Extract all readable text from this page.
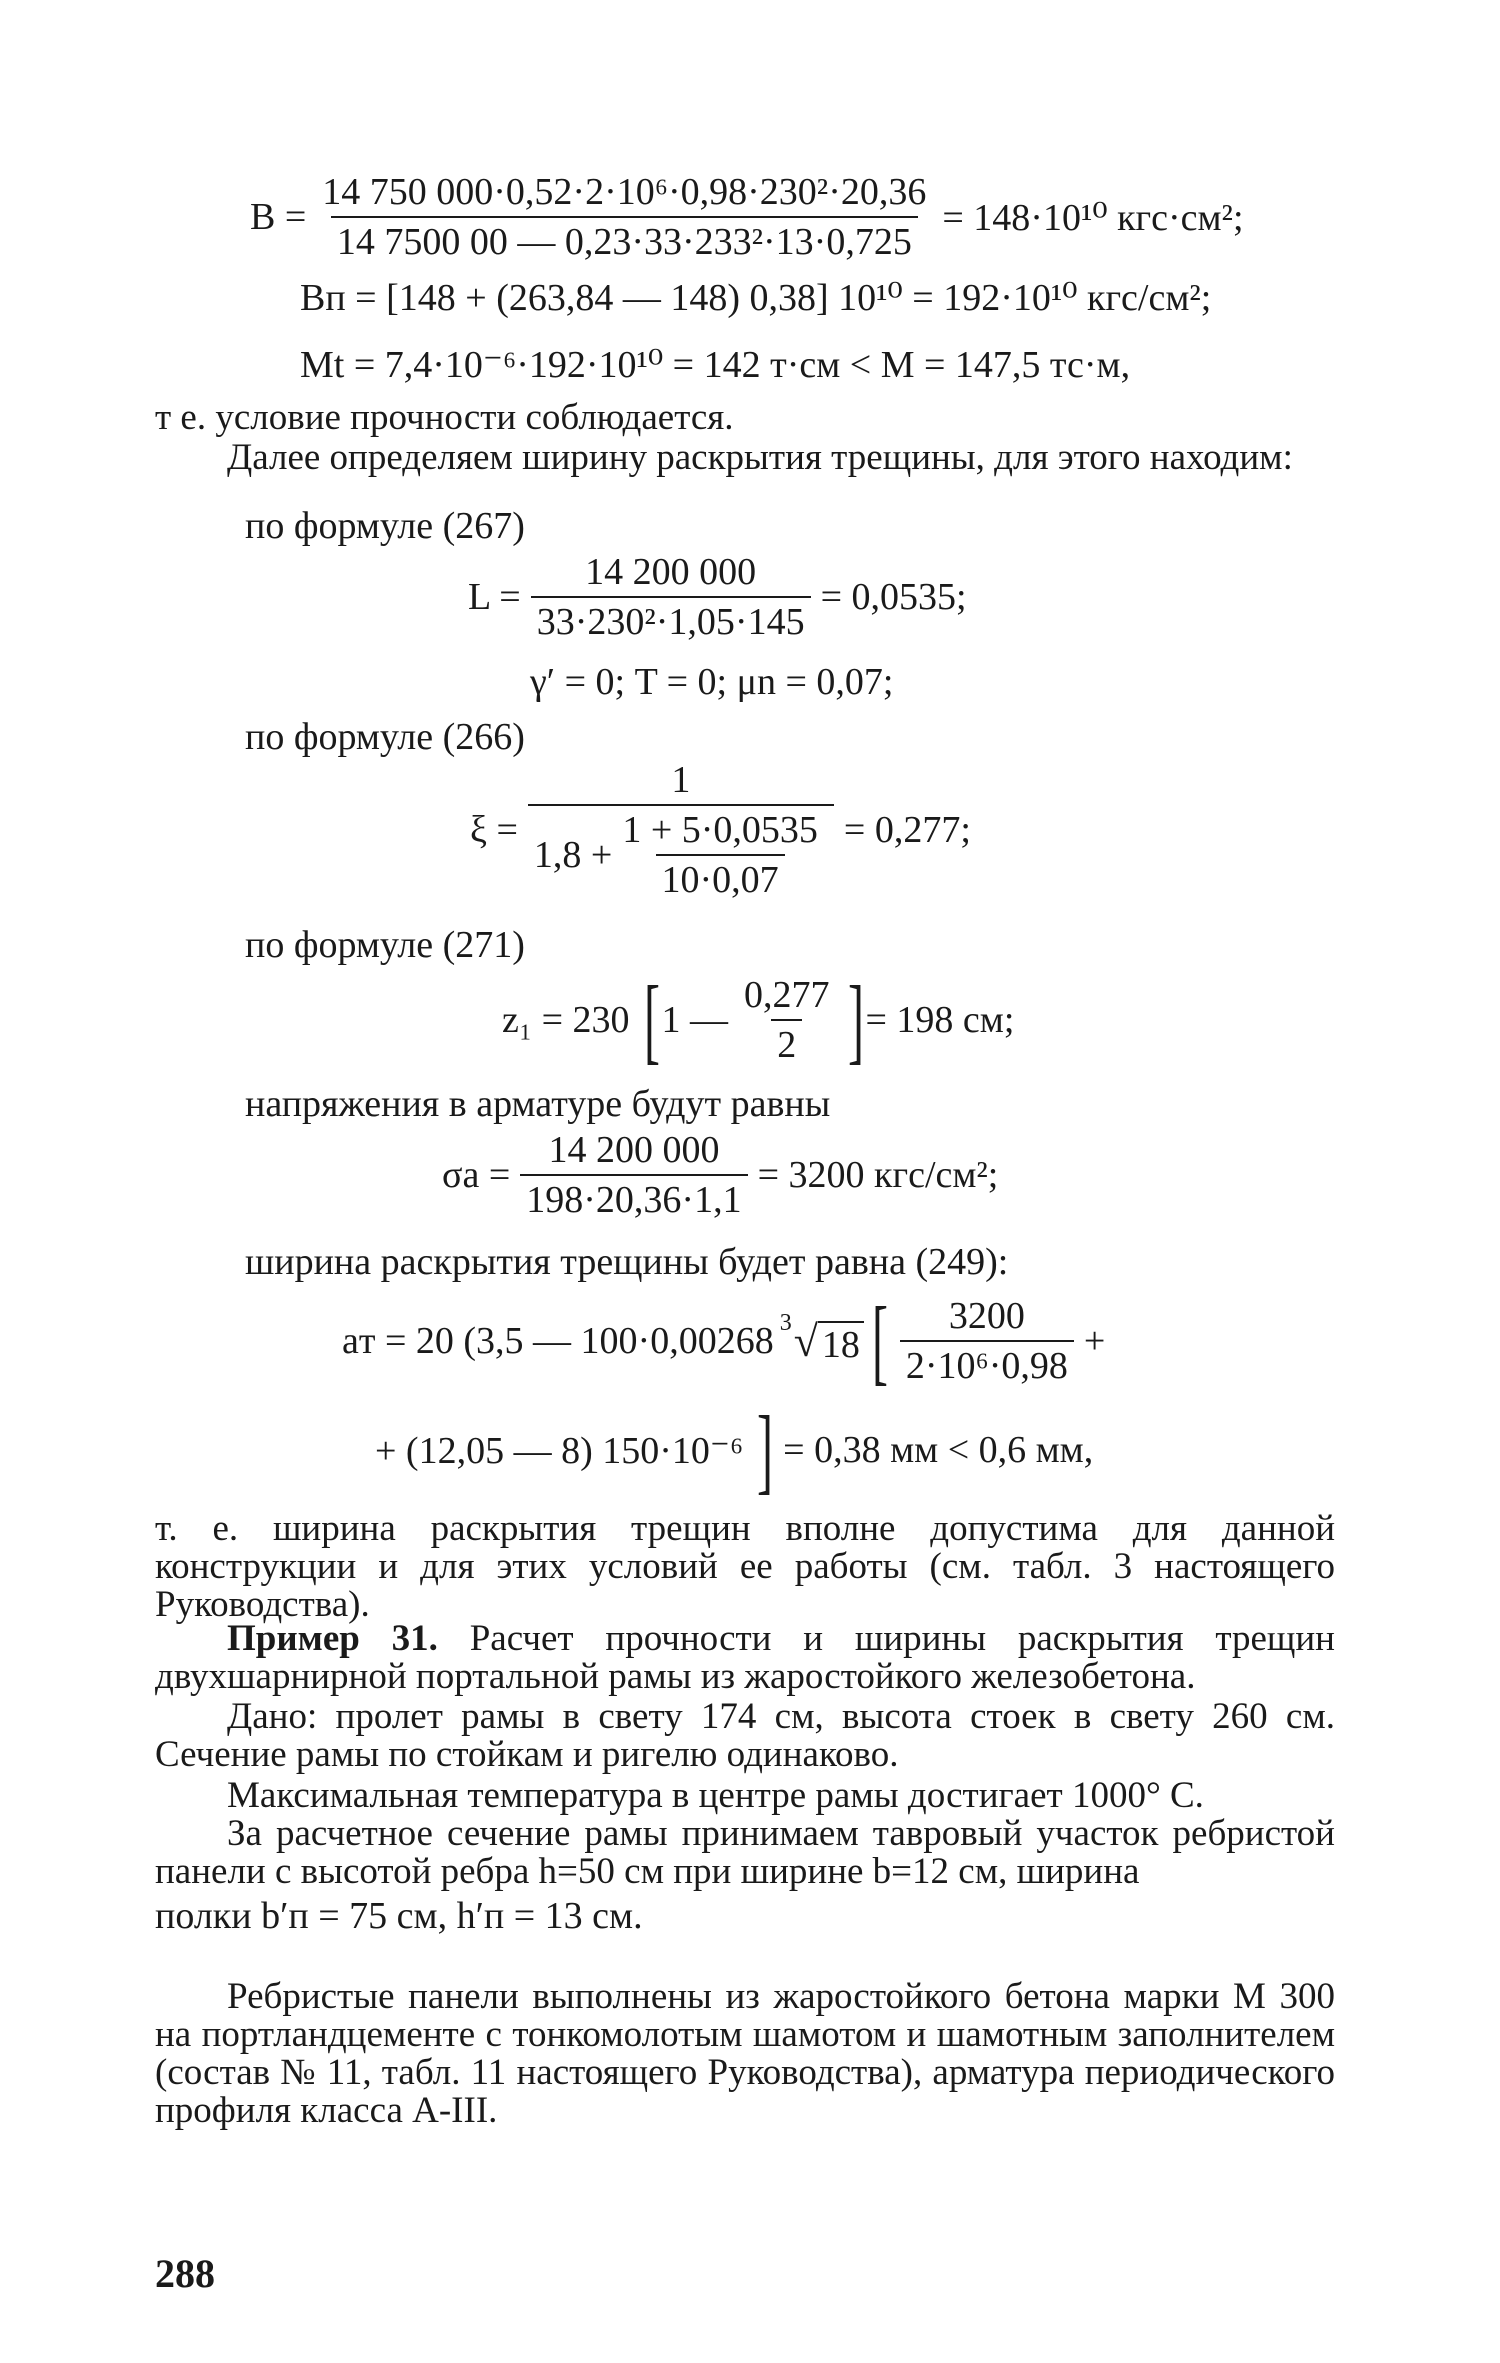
$B = \frac{\text{14 750 000·0,52·2·10⁶·0,98·230²·20,36}}{\text{14 7500 00 — 0,23·33·233²·13·0,725}} = 148\cdot 10^{10}$ кгс·см²;
Bп = [148 + (263,84 — 148) 0,38] 10¹⁰ = 192·10¹⁰ кгс/см²;
Mt = 7,4·10⁻⁶·192·10¹⁰ = 142 т·см < M = 147,5 тс·м,
т е. условие прочности соблюдается.
Далее определяем ширину раскрытия трещины, для этого находим:
по формуле (267)
$L = \frac{14 200 000}{\text{33·230²·1,05·145}} = 0,0535$;
γ′ = 0; T = 0; μn = 0,07;
по формуле (266)
$\xi = \frac{1}{1,8 + \frac{1 + 5\cdot 0,0535}{10\cdot 0,07}} = 0,277$;
по формуле (271)
z₁ = 230 [ 1 — $\frac{0,277}{2}$ ] = 198 см;
напряжения в арматуре будут равны
$\sigma а = \frac{14 200 000}{198\cdot 20,36\cdot 1,1} = 3200$ кгс/см²;
ширина раскрытия трещины будет равна (249):
aт = 20 (3,5 — 100·0,00268 3 √ 18 [ $\frac{3200}{\text{2·10⁶·0,98}}$ +
+ (12,05 — 8) 150·10⁻⁶ ] = 0,38 мм < 0,6 мм,
т. е. ширина раскрытия трещин вполне допустима для данной конструкции и для этих условий ее работы (см. табл. 3 настоящего Руководства).
Пример 31. Расчет прочности и ширины раскрытия трещин двухшарнирной портальной рамы из жаростойкого железобетона.
Дано: пролет рамы в свету 174 см, высота стоек в свету 260 см. Сечение рамы по стойкам и ригелю одинаково.
Максимальная температура в центре рамы достигает 1000° С.
За расчетное сечение рамы принимаем тавровый участок ребристой панели с высотой ребра h=50 см при ширине b=12 см, ширина
полки b′п = 75 см, h′п = 13 см.
Ребристые панели выполнены из жаростойкого бетона марки М 300 на портландцементе с тонкомолотым шамотом и шамотным заполнителем (состав № 11, табл. 11 настоящего Руководства), арматура периодического профиля класса А-III.
288
